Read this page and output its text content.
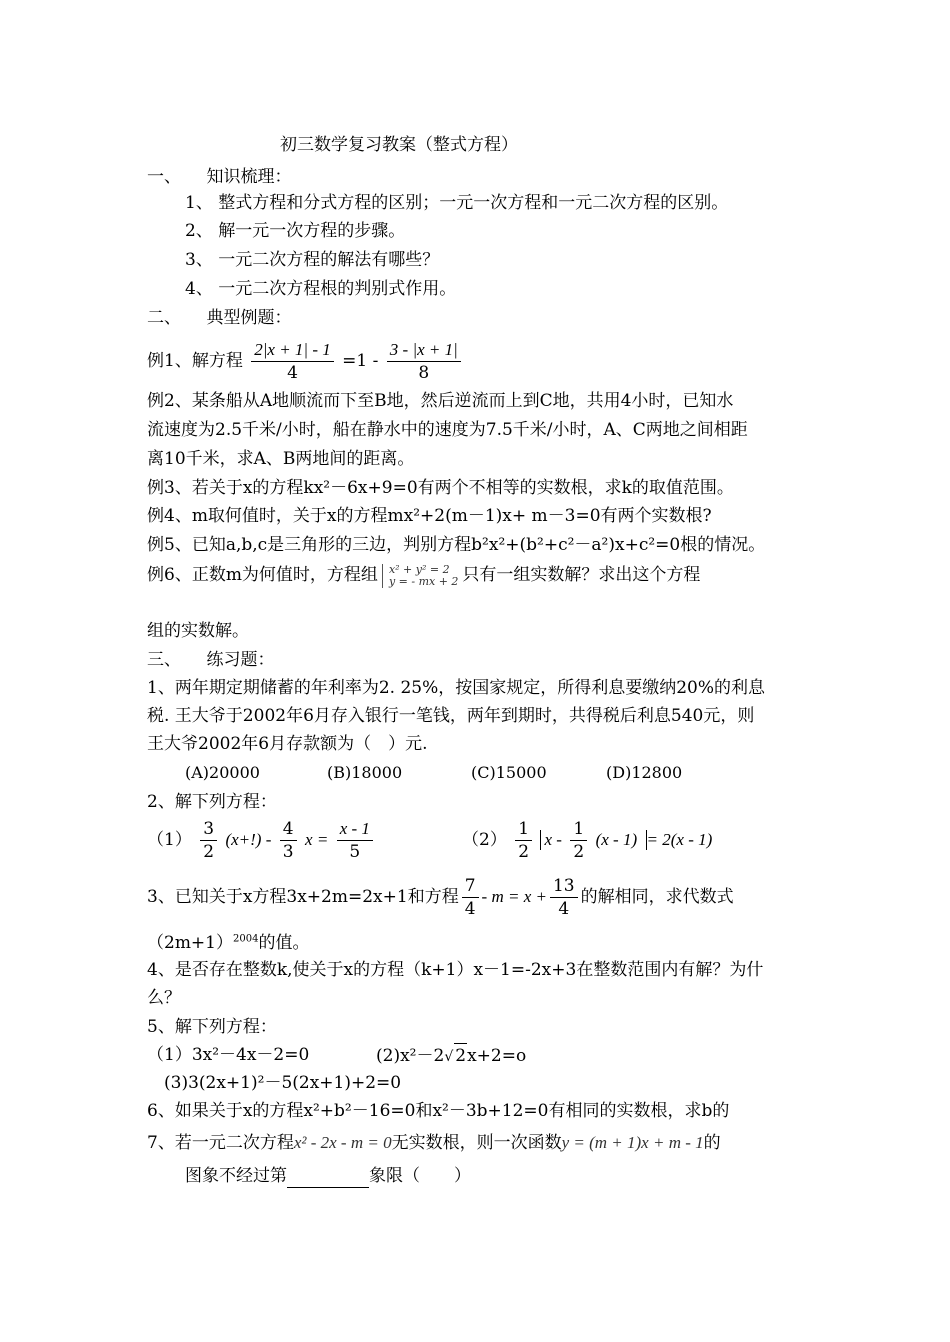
初三数学复习教案（整式方程）
一、　　知识梳理：
1、 整式方程和分式方程的区别；一元一次方程和一元二次方程的区别。
2、 解一元一次方程的步骤。
3、 一元二次方程的解法有哪些？
4、 一元二次方程根的判别式作用。
二、　　典型例题：
例1、解方程 $\frac{2|x + 1| - 1}{4} =1 - \frac{3 - |x + 1|}{8}$
例2、某条船从A地顺流而下至B地，然后逆流而上到C地，共用4小时，已知水
流速度为2.5千米/小时，船在静水中的速度为7.5千米/小时，A、C两地之间相距
离10千米，求A、B两地间的距离。
例3、若关于x的方程kx²－6x+9=0有两个不相等的实数根，求k的取值范围。
例4、m取何值时，关于x的方程mx²+2(m－1)x+ m－3=0有两个实数根?
例5、已知a,b,c是三角形的三边，判别方程b²x²+(b²+c²－a²)x+c²=0根的情况。
例6、正数m为何值时，方程组 x² + y² = 2
y = - mx + 2 只有一组实数解？求出这个方程
组的实数解。
三、　　练习题：
1、两年期定期储蓄的年利率为2. 25%，按国家规定，所得利息要缴纳20%的利息
税. 王大爷于2002年6月存入银行一笔钱，两年到期时，共得税后利息540元，则
王大爷2002年6月存款额为（　）元.
(A)20000	(B)18000	(C)15000	(D)12800
2、解下列方程：
$(1) \frac{3}{2} (x+!) - \frac{4}{3}$ $x = \frac{x - 1}{5}$	$(2) \frac{1}{2}$ $x - \frac{1}{2} (x - 1) = 2(x - 1)$
3、已知关于x方程3x+2m=2x+1和方程 $\frac{7}{4} - m = x + \frac{13}{4}$ 的解相同，求代数式
$(2m+1)^{2004}$的值。
4、是否存在整数k,使关于x的方程（k+1）x－1=-2x+3在整数范围内有解？为什
么？
5、解下列方程：
（1）3x²－4x－2=0	(2)x²－2√ 2x+2=o
(3)3(2x+1)²－5(2x+1)+2=0
6、如果关于x的方程x²+b²－16=0和x²－3b+12=0有相同的实数根，求b的
7、若一元二次方程x² - 2x - m = 0无实数根，则一次函数y = (m + 1)x + m - 1的
图象不经过第	象限（　　）
